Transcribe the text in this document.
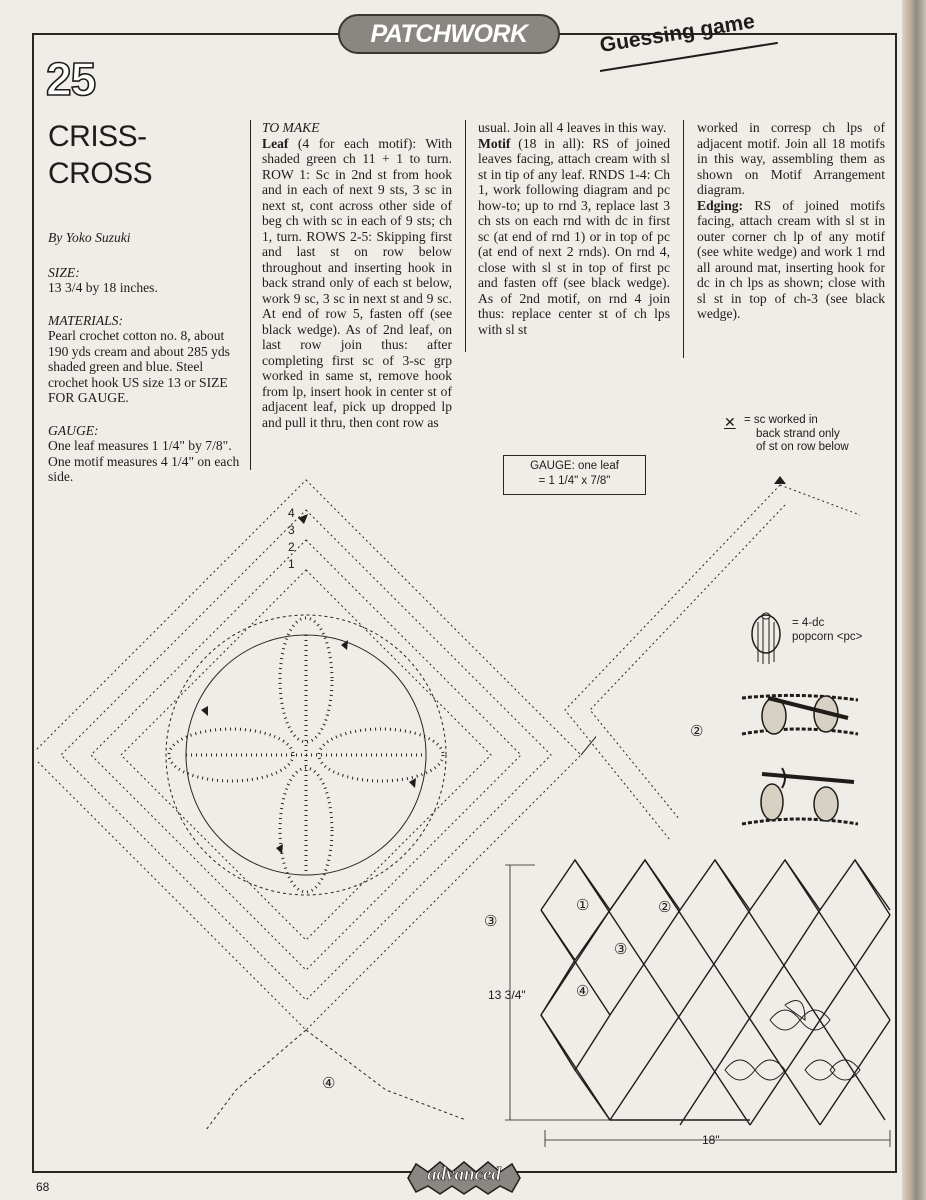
PATCHWORK	Guessing game
25
CRISS-
CROSS

By Yoko Suzuki

SIZE:

13 3/4 by 18 inches.

MATERIALS:

Pearl crochet cotton no. 8, about 190 yds cream and about 285 yds shaded green and blue. Steel crochet hook US size 13 or SIZE FOR GAUGE.

GAUGE:

One leaf measures 1 1/4" by 7/8". One motif measures 4 1/4" on each side.

TO MAKE
Leaf (4 for each motif): With shaded green ch 11 + 1 to turn. ROW 1: Sc in 2nd st from hook and in each of next 9 sts, 3 sc in next st, cont across other side of beg ch with sc in each of 9 sts; ch 1, turn. ROWS 2-5: Skipping first and last st on row below throughout and inserting hook in back strand only of each st below, work 9 sc, 3 sc in next st and 9 sc. At end of row 5, fasten off (see black wedge). As of 2nd leaf, on last row join thus: after completing first sc of 3-sc grp worked in same st, remove hook from lp, insert hook in center st of adjacent leaf, pick up dropped lp and pull it thru, then cont row as
usual. Join all 4 leaves in this way.
Motif (18 in all): RS of joined leaves facing, attach cream with sl st in tip of any leaf. RNDS 1-4: Ch 1, work following diagram and pc how-to; up to rnd 3, replace last 3 ch sts on each rnd with dc in first sc (at end of rnd 1) or in top of pc (at end of next 2 rnds). On rnd 4, close with sl st in top of first pc and fasten off (see black wedge). As of 2nd motif, on rnd 4 join thus: replace center st of ch lps with sl st
worked in corresp ch lps of adjacent motif. Join all 18 motifs in this way, assembling them as shown on Motif Arrangement diagram.
Edging: RS of joined motifs facing, attach cream with sl st in outer corner ch lp of any motif (see white wedge) and work 1 rnd all around mat, inserting hook for dc in ch lps as shown; close with sl st in top of ch-3 (see black wedge).
GAUGE: one leaf
= 1 1/4" x 7/8"
✕ = sc worked in
back strand only
of st on row below
= 4-dc
popcorn <pc>
②
4
3
2
1
④
①	②
③
④
③
13 3/4"
18"
68
advanced
